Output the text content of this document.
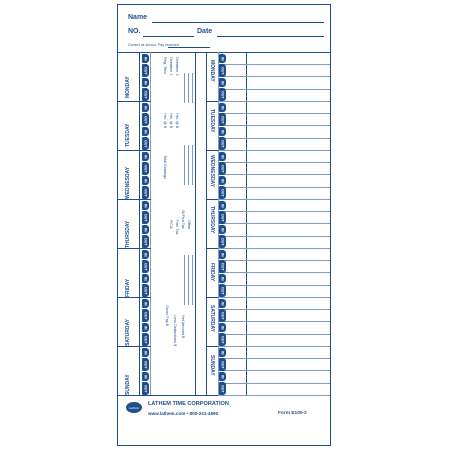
Name
NO.	Date
Correct as shown. Pay received
MONDAY
TUESDAY
WEDNESDAY
THURSDAY
FRIDAY
SATURDAY
SUNDAY
MONDAY
TUESDAY
WEDNESDAY
THURSDAY
FRIDAY
SATURDAY
SUNDAY
IN
OUT
IN
OUT
IN
OUT
IN
OUT
IN
OUT
IN
OUT
IN
OUT
IN
OUT
IN
OUT
IN
OUT
IN
OUT
IN
OUT
IN
OUT
IN
OUT
IN
OUT
IN
OUT
IN
OUT
IN
OUT
IN
OUT
IN
OUT
IN
OUT
IN
OUT
IN
OUT
IN
OUT
IN
OUT
IN
OUT
IN
OUT
IN
OUT
Reg. Time Overtime 1 Overtime 2
Hrs. @ $ Hrs. @ $ Hrs. @ $
Total Earnings
FICA Fed. Tax St/Fica Tax Other
Gross Pay $ Less Deductions $ Net Amount $
Lathem
LATHEM TIME CORPORATION
www.lathem.com • 800-241-4990	Form E100-2
